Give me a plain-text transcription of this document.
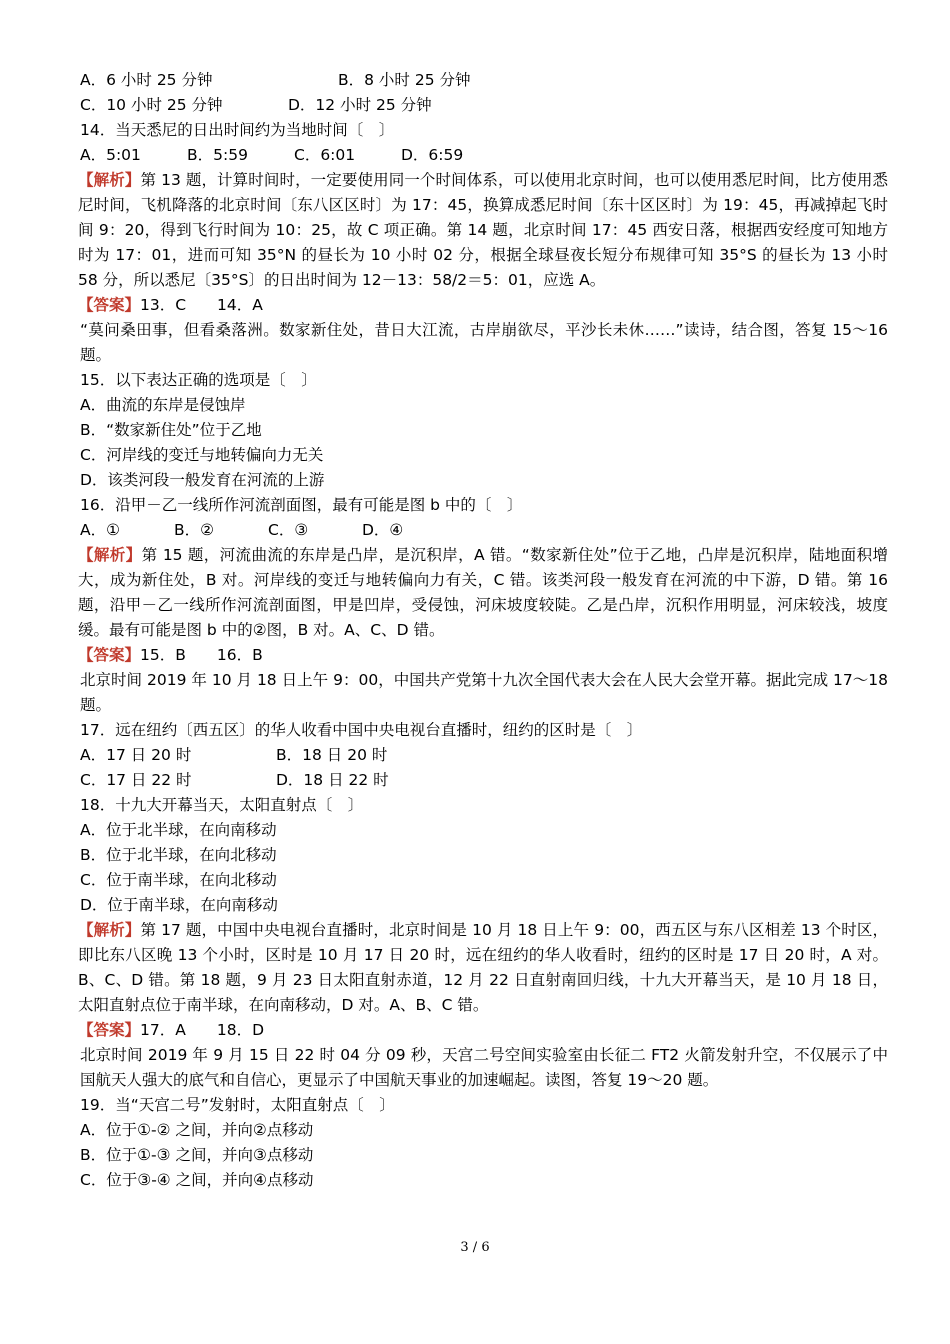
A．6 小时 25 分钟	B．8 小时 25 分钟
C．10 小时 25 分钟	D．12 小时 25 分钟
14．当天悉尼的日出时间约为当地时间〔　〕
A．5:01	B．5:59	C．6:01	D．6:59
【解析】第 13 题，计算时间时，一定要使用同一个时间体系，可以使用北京时间，也可以使用悉尼时间，比方使用悉尼时间，飞机降落的北京时间〔东八区区时〕为 17：45，换算成悉尼时间〔东十区区时〕为 19：45，再减掉起飞时间 9：20，得到飞行时间为 10：25，故 C 项正确。第 14 题，北京时间 17：45 西安日落，根据西安经度可知地方时为 17：01，进而可知 35°N 的昼长为 10 小时 02 分，根据全球昼夜长短分布规律可知 35°S 的昼长为 13 小时 58 分，所以悉尼〔35°S〕的日出时间为 12－13：58/2＝5：01，应选 A。
【答案】13．C　　14．A
“莫问桑田事，但看桑落洲。数家新住处，昔日大江流，古岸崩欲尽，平沙长未休……”读诗，结合图，答复 15～16 题。
15．以下表达正确的选项是〔　〕
A．曲流的东岸是侵蚀岸
B．“数家新住处”位于乙地
C．河岸线的变迁与地转偏向力无关
D．该类河段一般发育在河流的上游
16．沿甲－乙一线所作河流剖面图，最有可能是图 b 中的〔　〕
A．①	B．②	C．③	D．④
【解析】第 15 题，河流曲流的东岸是凸岸，是沉积岸，A 错。“数家新住处”位于乙地，凸岸是沉积岸，陆地面积增大，成为新住处，B 对。河岸线的变迁与地转偏向力有关，C 错。该类河段一般发育在河流的中下游，D 错。第 16 题，沿甲－乙一线所作河流剖面图，甲是凹岸，受侵蚀，河床坡度较陡。乙是凸岸，沉积作用明显，河床较浅，坡度缓。最有可能是图 b 中的②图，B 对。A、C、D 错。
【答案】15．B　　16．B
北京时间 2019 年 10 月 18 日上午 9：00，中国共产党第十九次全国代表大会在人民大会堂开幕。据此完成 17～18 题。
17．远在纽约〔西五区〕的华人收看中国中央电视台直播时，纽约的区时是〔　〕
A．17 日 20 时	B．18 日 20 时
C．17 日 22 时	D．18 日 22 时
18．十九大开幕当天，太阳直射点〔　〕
A．位于北半球，在向南移动
B．位于北半球，在向北移动
C．位于南半球，在向北移动
D．位于南半球，在向南移动
【解析】第 17 题，中国中央电视台直播时，北京时间是 10 月 18 日上午 9：00，西五区与东八区相差 13 个时区，即比东八区晚 13 个小时，区时是 10 月 17 日 20 时，远在纽约的华人收看时，纽约的区时是 17 日 20 时，A 对。B、C、D 错。第 18 题，9 月 23 日太阳直射赤道，12 月 22 日直射南回归线，十九大开幕当天，是 10 月 18 日，太阳直射点位于南半球，在向南移动，D 对。A、B、C 错。
【答案】17．A　　18．D
北京时间 2019 年 9 月 15 日 22 时 04 分 09 秒，天宫二号空间实验室由长征二 FT2 火箭发射升空，不仅展示了中国航天人强大的底气和自信心，更显示了中国航天事业的加速崛起。读图，答复 19～20 题。
19．当“天宫二号”发射时，太阳直射点〔　〕
A．位于①-② 之间，并向②点移动
B．位于①-③ 之间，并向③点移动
C．位于③-④ 之间，并向④点移动
3 / 6
